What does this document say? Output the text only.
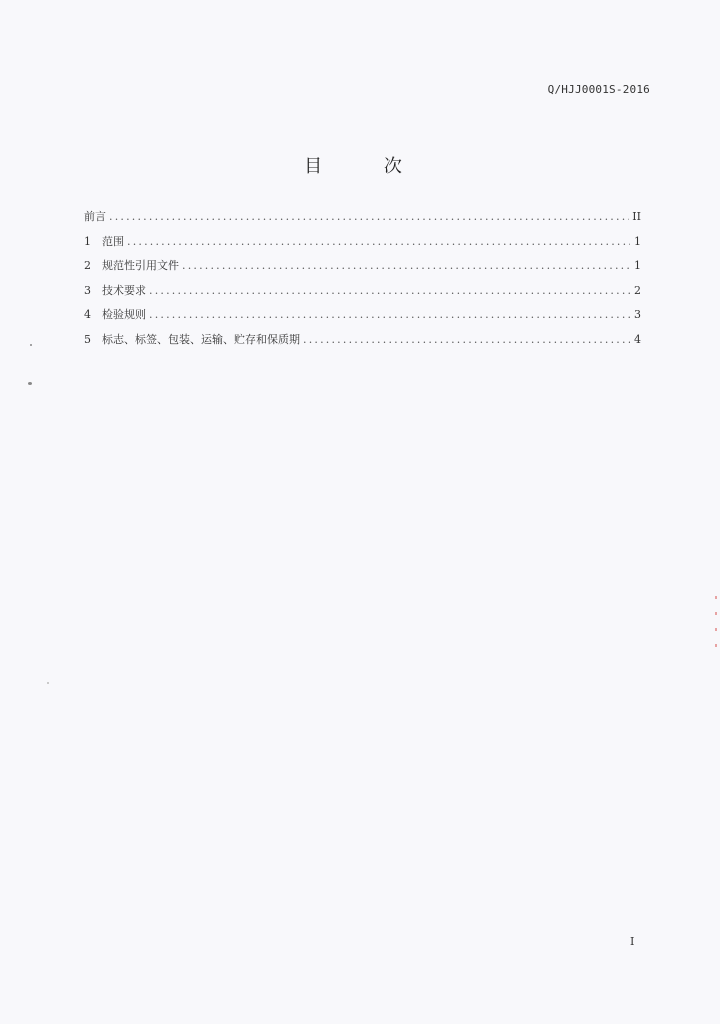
Q/HJJ0001S-2016
目 次
前言 .....	II
1	范围 .....	1
2	规范性引用文件 .....	1
3	技术要求 .....	2
4	检验规则 .....	3
5	标志、标签、包装、运输、贮存和保质期 .....	4
I
